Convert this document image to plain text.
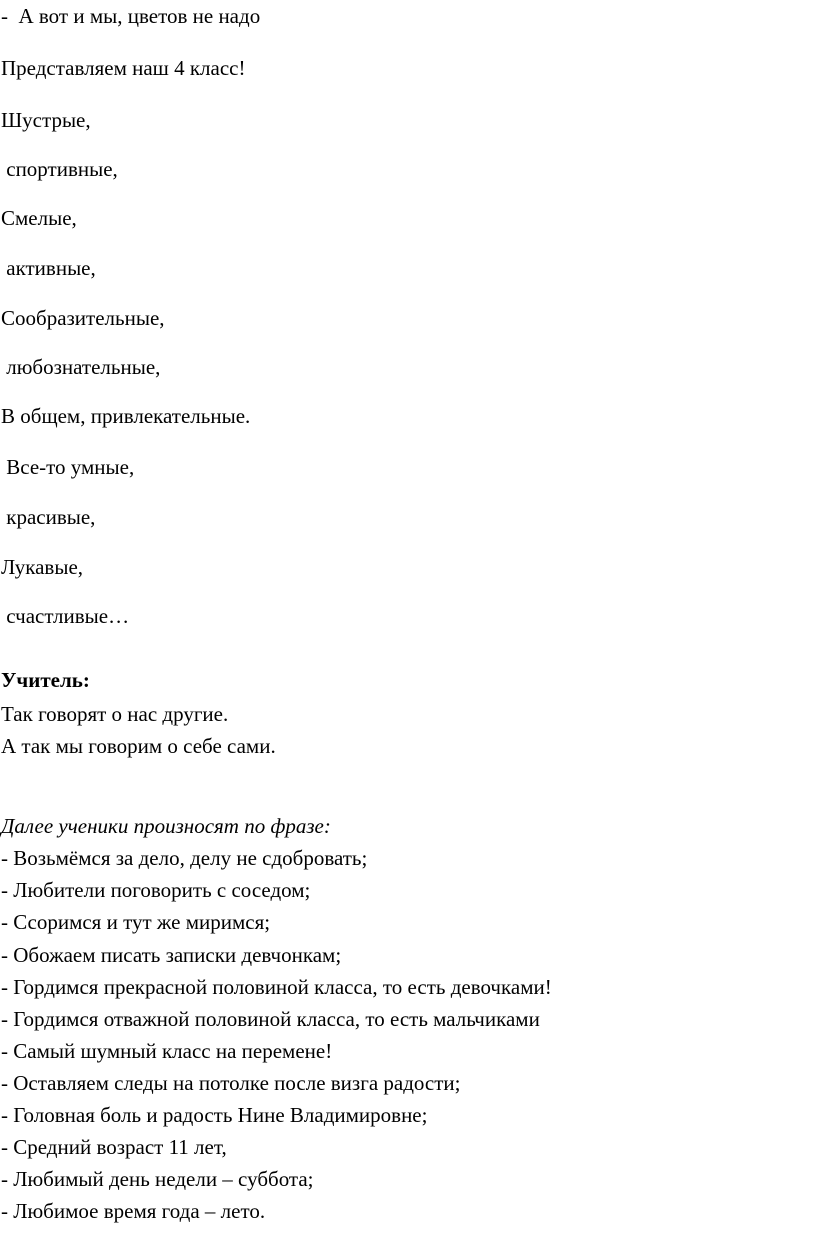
-  А вот и мы, цветов не надо
Представляем наш 4 класс!
Шустрые,
спортивные,
Смелые,
активные,
Сообразительные,
любознательные,
В общем, привлекательные.
Все-то умные,
красивые,
Лукавые,
счастливые…
Учитель:
Так говорят о нас другие.
А так мы говорим о себе сами.
Далее ученики произносят по фразе:
- Возьмёмся за дело, делу не сдобровать;
- Любители поговорить с соседом;
- Ссоримся и тут же миримся;
- Обожаем писать записки девчонкам;
- Гордимся прекрасной половиной класса, то есть девочками!
- Гордимся отважной половиной класса, то есть мальчиками
- Самый шумный класс на перемене!
- Оставляем следы на потолке после визга радости;
- Головная боль и радость Нине Владимировне;
- Средний возраст 11 лет,
- Любимый день недели – суббота;
- Любимое время года – лето.
